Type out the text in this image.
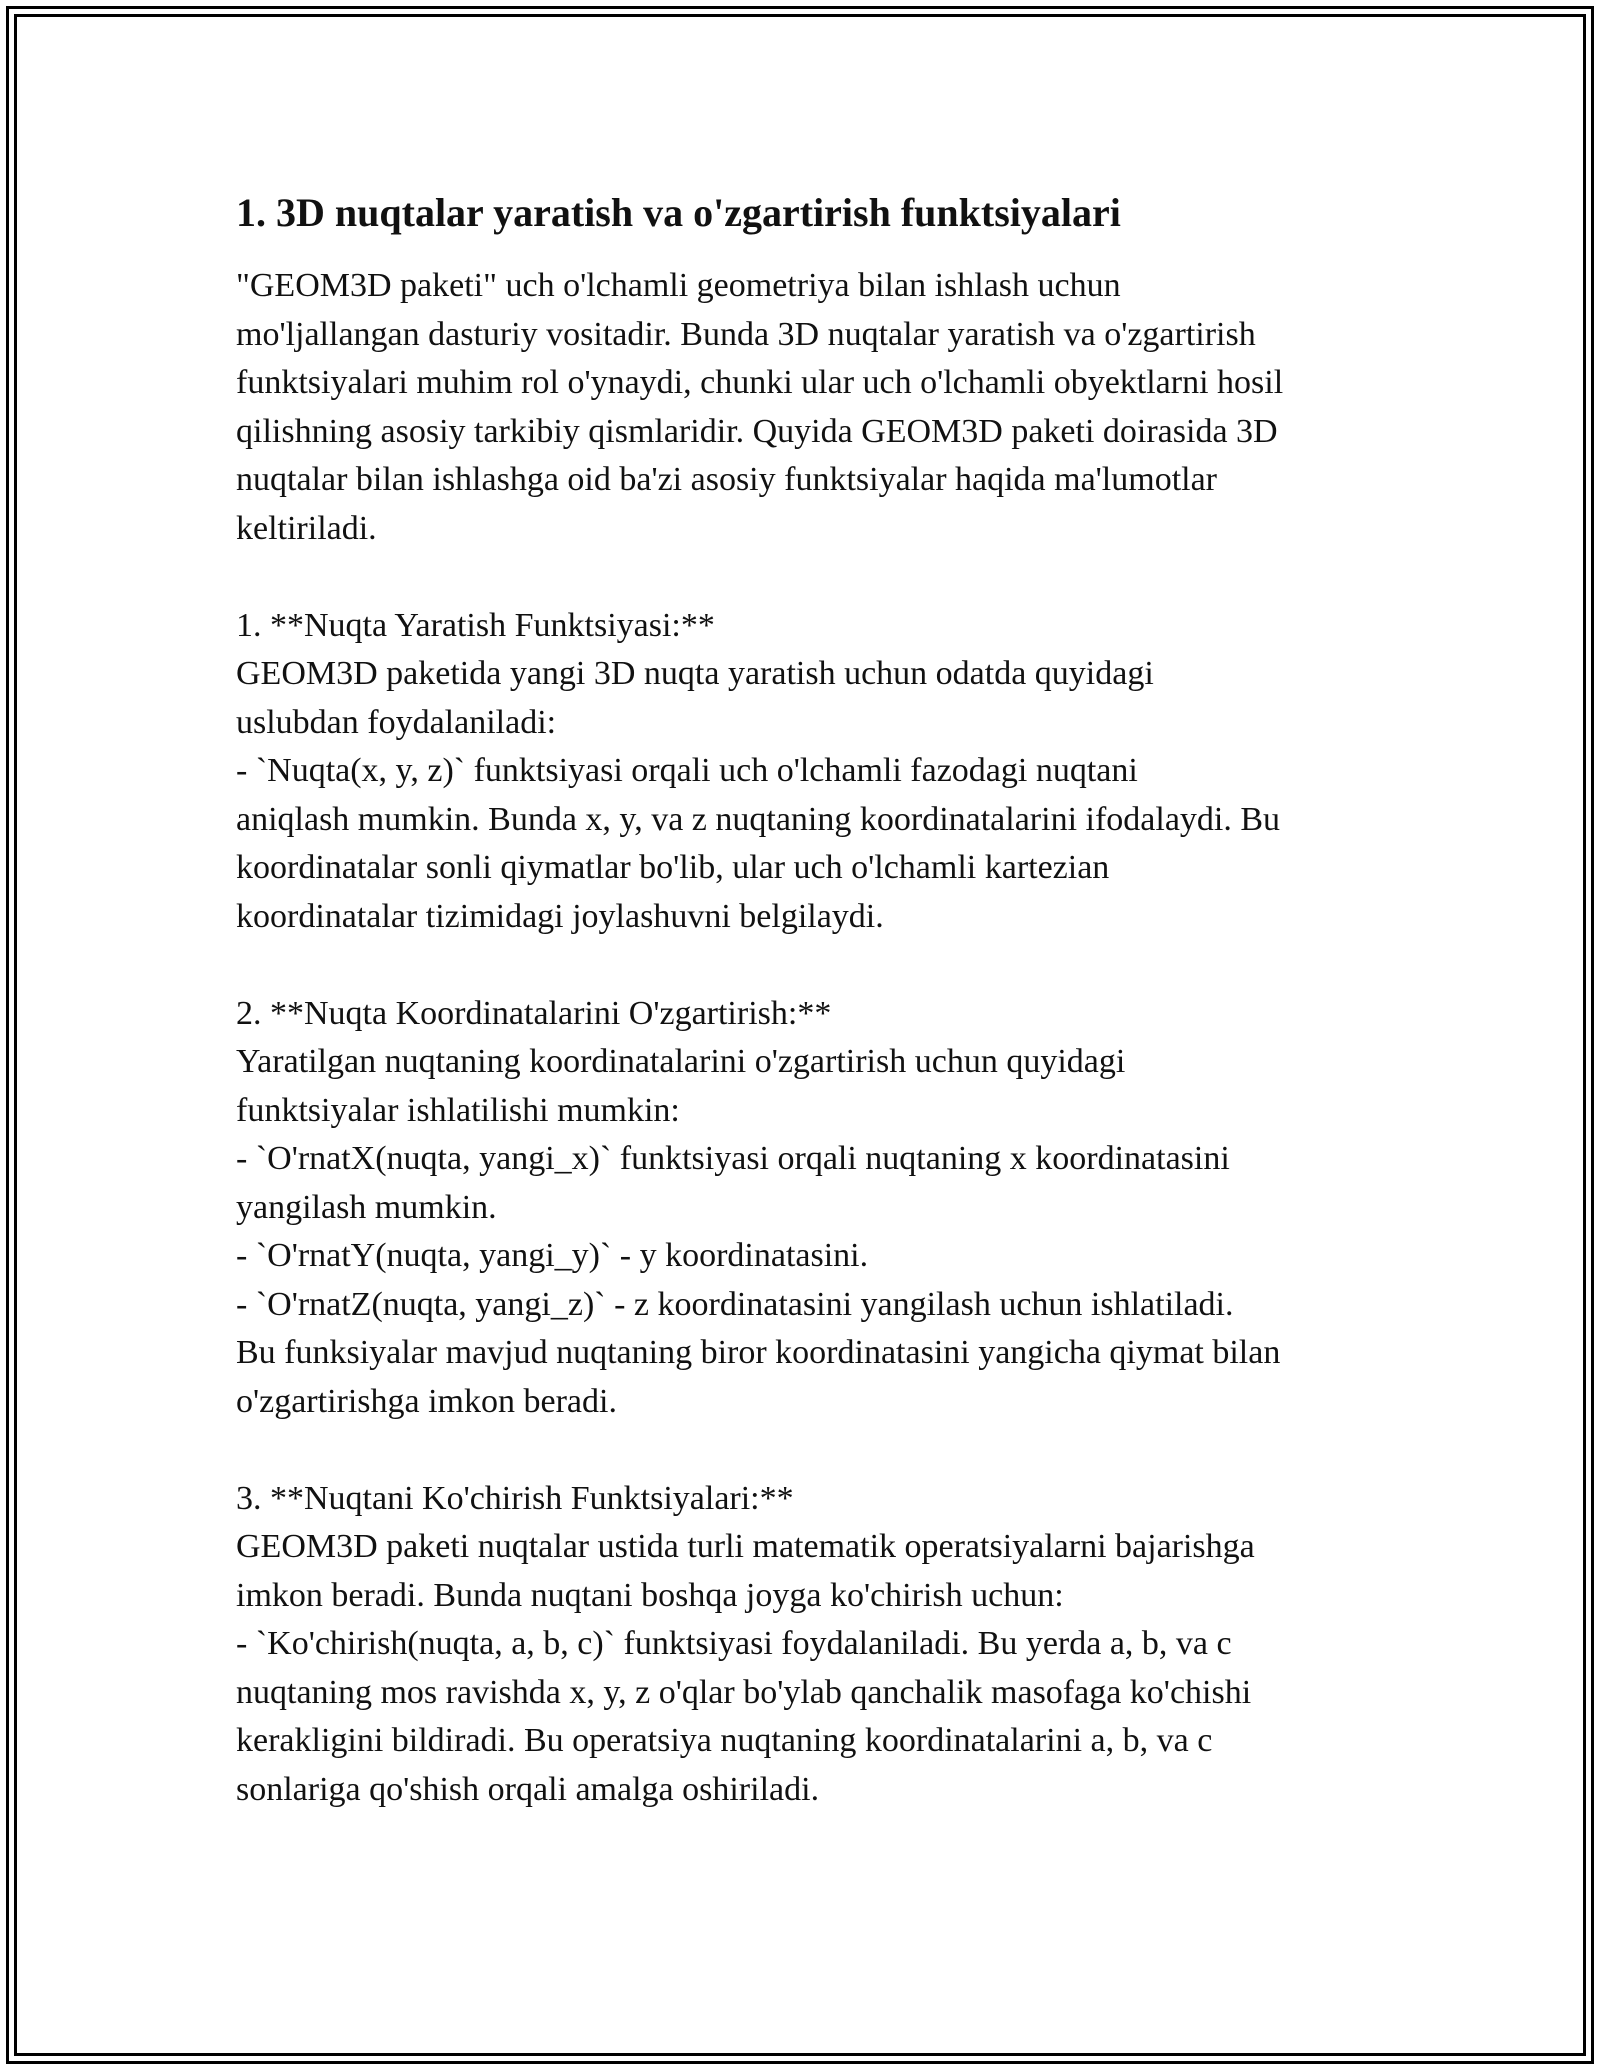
1. 3D nuqtalar yaratish va o'zgartirish funktsiyalari

"GEOM3D paketi" uch o'lchamli geometriya bilan ishlash uchun
mo'ljallangan dasturiy vositadir. Bunda 3D nuqtalar yaratish va o'zgartirish
funktsiyalari muhim rol o'ynaydi, chunki ular uch o'lchamli obyektlarni hosil
qilishning asosiy tarkibiy qismlaridir. Quyida GEOM3D paketi doirasida 3D
nuqtalar bilan ishlashga oid ba'zi asosiy funktsiyalar haqida ma'lumotlar
keltiriladi.

1. **Nuqta Yaratish Funktsiyasi:**
GEOM3D paketida yangi 3D nuqta yaratish uchun odatda quyidagi
uslubdan foydalaniladi:
- `Nuqta(x, y, z)` funktsiyasi orqali uch o'lchamli fazodagi nuqtani
aniqlash mumkin. Bunda x, y, va z nuqtaning koordinatalarini ifodalaydi. Bu
koordinatalar sonli qiymatlar bo'lib, ular uch o'lchamli kartezian
koordinatalar tizimidagi joylashuvni belgilaydi.

2. **Nuqta Koordinatalarini O'zgartirish:**
Yaratilgan nuqtaning koordinatalarini o'zgartirish uchun quyidagi
funktsiyalar ishlatilishi mumkin:
- `O'rnatX(nuqta, yangi_x)` funktsiyasi orqali nuqtaning x koordinatasini
yangilash mumkin.
- `O'rnatY(nuqta, yangi_y)` - y koordinatasini.
- `O'rnatZ(nuqta, yangi_z)` - z koordinatasini yangilash uchun ishlatiladi.
Bu funksiyalar mavjud nuqtaning biror koordinatasini yangicha qiymat bilan
o'zgartirishga imkon beradi.

3. **Nuqtani Ko'chirish Funktsiyalari:**
GEOM3D paketi nuqtalar ustida turli matematik operatsiyalarni bajarishga
imkon beradi. Bunda nuqtani boshqa joyga ko'chirish uchun:
- `Ko'chirish(nuqta, a, b, c)` funktsiyasi foydalaniladi. Bu yerda a, b, va c
nuqtaning mos ravishda x, y, z o'qlar bo'ylab qanchalik masofaga ko'chishi
kerakligini bildiradi. Bu operatsiya nuqtaning koordinatalarini a, b, va c
sonlariga qo'shish orqali amalga oshiriladi.
